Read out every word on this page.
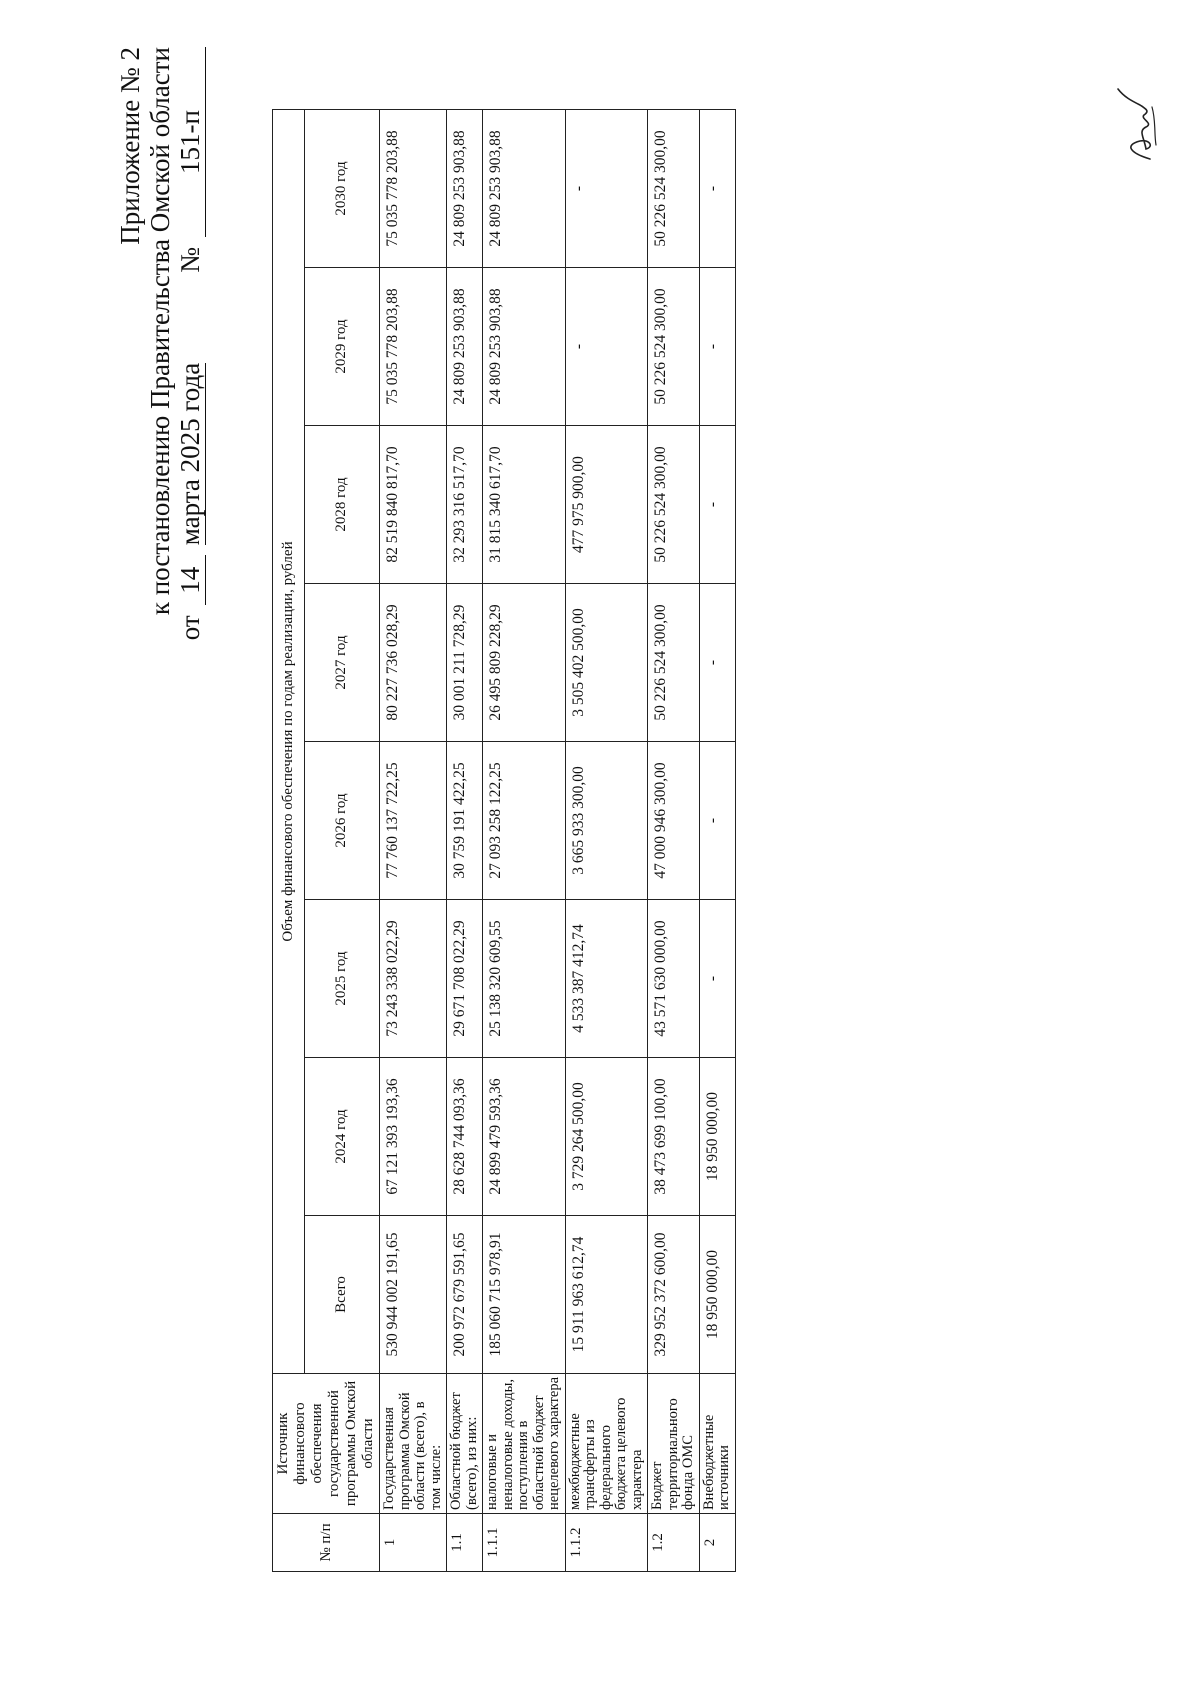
Приложение № 2 к постановлению Правительства Омской области
от
14
марта 2025 года
№
151-п
№ п/п	Источник финансового обеспечения государственной программы Омской области	Объем финансового обеспечения по годам реализации, рублей							
		Всего	2024 год	2025 год	2026 год	2027 год	2028 год	2029 год	2030 год
1	Государственная программа Омской области (всего), в том числе:	530 944 002 191,65	67 121 393 193,36	73 243 338 022,29	77 760 137 722,25	80 227 736 028,29	82 519 840 817,70	75 035 778 203,88	75 035 778 203,88
1.1	Областной бюджет (всего), из них:	200 972 679 591,65	28 628 744 093,36	29 671 708 022,29	30 759 191 422,25	30 001 211 728,29	32 293 316 517,70	24 809 253 903,88	24 809 253 903,88
1.1.1	налоговые и неналоговые доходы, поступления в областной бюджет нецелевого характера	185 060 715 978,91	24 899 479 593,36	25 138 320 609,55	27 093 258 122,25	26 495 809 228,29	31 815 340 617,70	24 809 253 903,88	24 809 253 903,88
1.1.2	межбюджетные трансферты из федерального бюджета целевого характера	15 911 963 612,74	3 729 264 500,00	4 533 387 412,74	3 665 933 300,00	3 505 402 500,00	477 975 900,00	-	-
1.2	Бюджет территориального фонда ОМС	329 952 372 600,00	38 473 699 100,00	43 571 630 000,00	47 000 946 300,00	50 226 524 300,00	50 226 524 300,00	50 226 524 300,00	50 226 524 300,00
2	Внебюджетные источники	18 950 000,00	18 950 000,00	-	-	-	-	-	-
